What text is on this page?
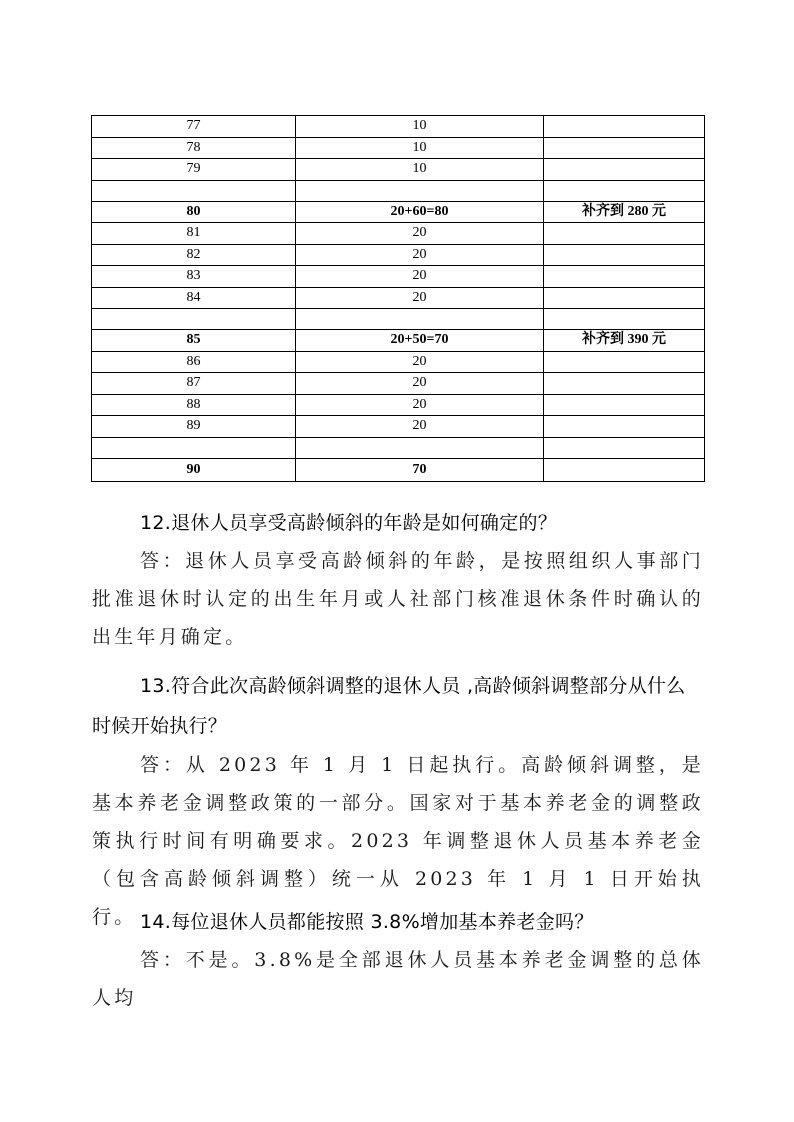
77	10	
78	10	
79	10	

80	20+60=80	补齐到 280 元
81	20	
82	20	
83	20	
84	20	

85	20+50=70	补齐到 390 元
86	20	
87	20	
88	20	
89	20	

90	70	

12.退休人员享受高龄倾斜的年龄是如何确定的？

答：退休人员享受高龄倾斜的年龄，是按照组织人事部门批准退休时认定的出生年月或人社部门核准退休条件时确认的出生年月确定。

13.符合此次高龄倾斜调整的退休人员 ,高龄倾斜调整部分从什么时候开始执行？

答：从 2023 年 1 月 1 日起执行。高龄倾斜调整，是基本养老金调整政策的一部分。国家对于基本养老金的调整政策执行时间有明确要求。2023 年调整退休人员基本养老金（包含高龄倾斜调整）统一从 2023 年 1 月 1 日开始执行。 14.每位退休人员都能按照 3.8%增加基本养老金吗？

答：不是。3.8%是全部退休人员基本养老金调整的总体人均
